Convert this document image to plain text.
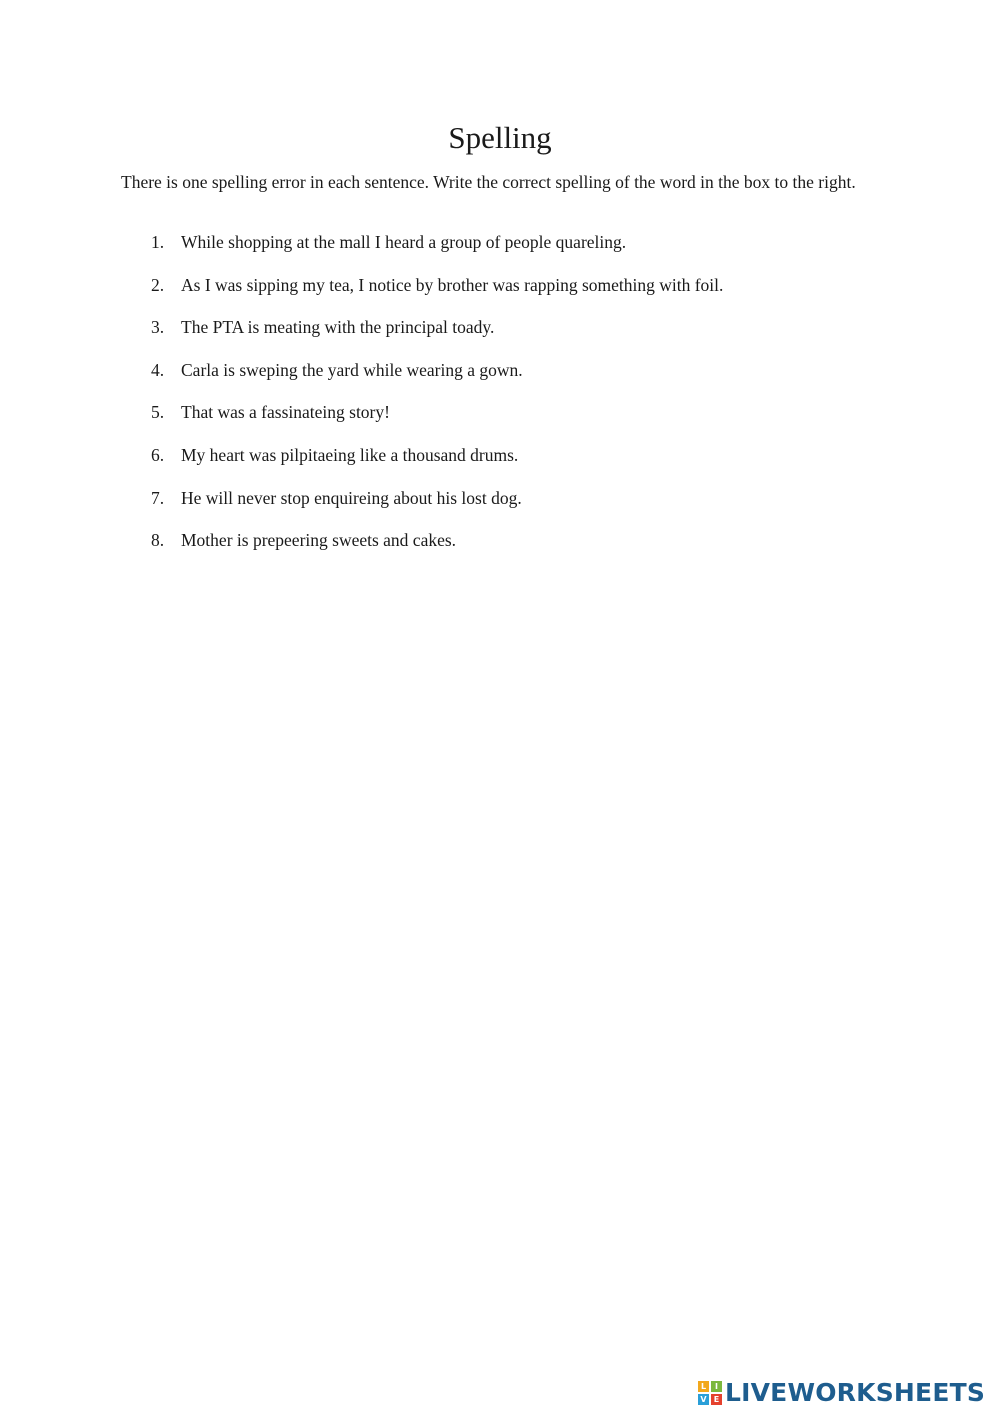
Spelling

There is one spelling error in each sentence. Write the correct spelling of the word in the box to the right.

1. While shopping at the mall I heard a group of people quareling.
2. As I was sipping my tea, I notice by brother was rapping something with foil.
3. The PTA is meating with the principal toady.
4. Carla is sweping the yard while wearing a gown.
5. That was a fassinateing story!
6. My heart was pilpitaeing like a thousand drums.
7. He will never stop enquireing about his lost dog.
8. Mother is prepeering sweets and cakes.
L	I
V E LIVEWORKSHEETS
